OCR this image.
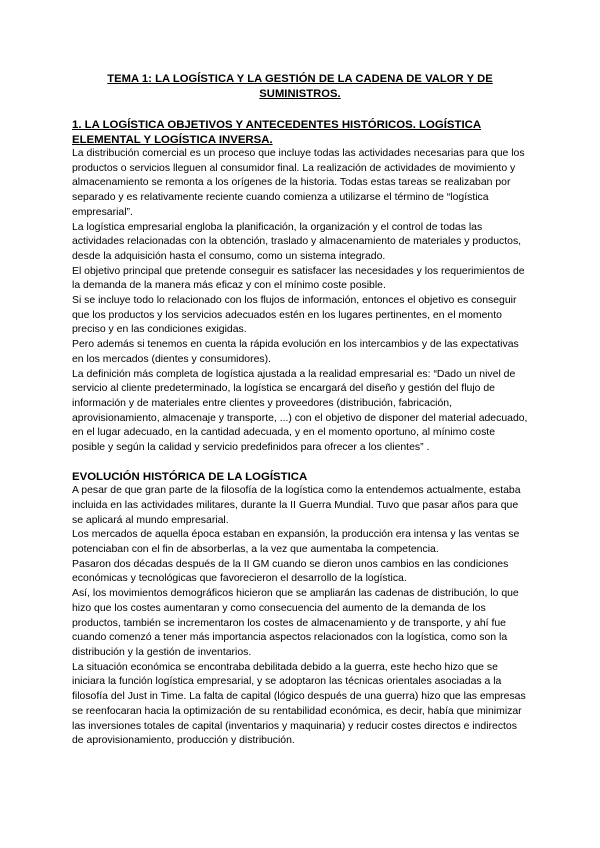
TEMA 1: LA LOGÍSTICA Y LA GESTIÓN DE LA CADENA DE VALOR Y DE SUMINISTROS.

1. LA LOGÍSTICA OBJETIVOS Y ANTECEDENTES HISTÓRICOS. LOGÍSTICA ELEMENTAL Y LOGÍSTICA INVERSA.

La distribución comercial es un proceso que incluye todas las actividades necesarias para que los productos o servicios lleguen al consumidor final. La realización de actividades de movimiento y almacenamiento se remonta a los orígenes de la historia. Todas estas tareas se realizaban por separado y es relativamente reciente cuando comienza a utilizarse el término de “logística empresarial”.

La logística empresarial engloba la planificación, la organización y el control de todas las actividades relacionadas con la obtención, traslado y almacenamiento de materiales y productos, desde la adquisición hasta el consumo, como un sistema integrado.

El objetivo principal que pretende conseguir es satisfacer las necesidades y los requerimientos de la demanda de la manera más eficaz y con el mínimo coste posible.

Si se incluye todo lo relacionado con los flujos de información, entonces el objetivo es conseguir que los productos y los servicios adecuados estén en los lugares pertinentes, en el momento preciso y en las condiciones exigidas.

Pero además si tenemos en cuenta la rápida evolución en los intercambios y de las expectativas en los mercados (dientes y consumidores).

La definición más completa de logística ajustada a la realidad empresarial es: “Dado un nivel de servicio al cliente predeterminado, la logística se encargará del diseño y gestión del flujo de información y de materiales entre clientes y proveedores (distribución, fabricación, aprovisionamiento, almacenaje y transporte, ...) con el objetivo de disponer del material adecuado, en el lugar adecuado, en la cantidad adecuada, y en el momento oportuno, al mínimo coste posible y según la calidad y servicio predefinidos para ofrecer a los clientes” .

EVOLUCIÓN HISTÓRICA DE LA LOGÍSTICA

A pesar de que gran parte de la filosofía de la logística como la entendemos actualmente, estaba incluida en las actividades militares, durante la II Guerra Mundial. Tuvo que pasar años para que se aplicará al mundo empresarial.

Los mercados de aquella época estaban en expansión, la producción era intensa y las ventas se potenciaban con el fin de absorberlas, a la vez que aumentaba la competencia.

Pasaron dos décadas después de la II GM cuando se dieron unos cambios en las condiciones económicas y tecnológicas que favorecieron el desarrollo de la logística.

Así, los movimientos demográficos hicieron que se ampliarán las cadenas de distribución, lo que hizo que los costes aumentaran y como consecuencia del aumento de la demanda de los productos, también se incrementaron los costes de almacenamiento y de transporte, y ahí fue cuando comenzó a tener más importancia aspectos relacionados con la logística, como son la distribución y la gestión de inventarios.

La situación económica se encontraba debilitada debido a la guerra, este hecho hizo que se iniciara la función logística empresarial, y se adoptaron las técnicas orientales asociadas a la filosofía del Just in Time. La falta de capital (lógico después de una guerra) hizo que las empresas se reenfocaran hacia la optimización de su rentabilidad económica, es decir, había que minimizar las inversiones totales de capital (inventarios y maquinaria) y reducir costes directos e indirectos de aprovisionamiento, producción y distribución.
